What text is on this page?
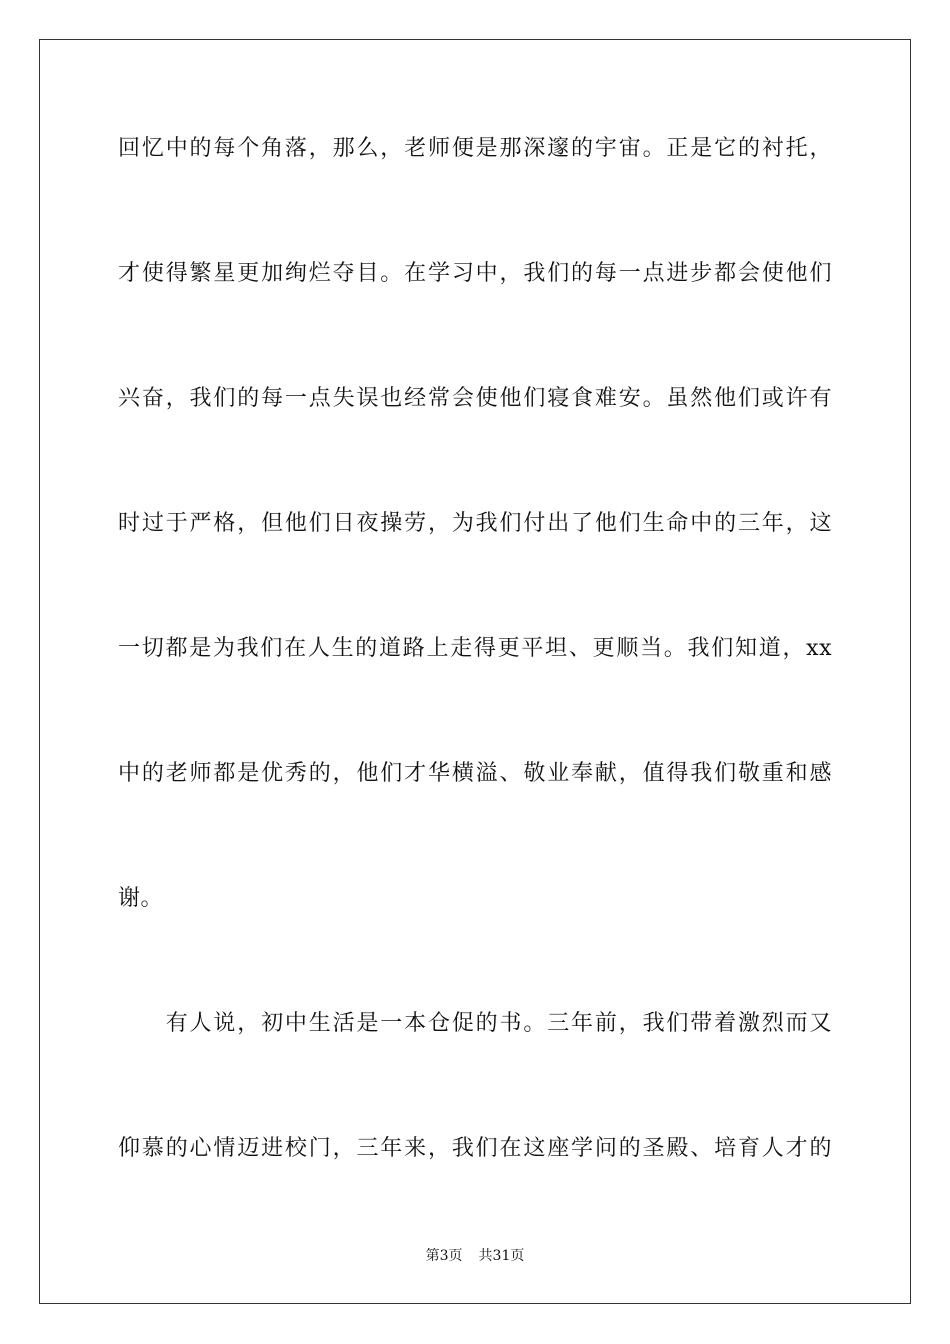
回忆中的每个角落，那么，老师便是那深邃的宇宙。正是它的衬托，
才使得繁星更加绚烂夺目。在学习中，我们的每一点进步都会使他们
兴奋，我们的每一点失误也经常会使他们寝食难安。虽然他们或许有
时过于严格，但他们日夜操劳，为我们付出了他们生命中的三年，这
一切都是为我们在人生的道路上走得更平坦、更顺当。我们知道，xx
中的老师都是优秀的，他们才华横溢、敬业奉献，值得我们敬重和感
谢。
　　有人说，初中生活是一本仓促的书。三年前，我们带着激烈而又
仰慕的心情迈进校门，三年来，我们在这座学问的圣殿、培育人才的
第3页 共31页
